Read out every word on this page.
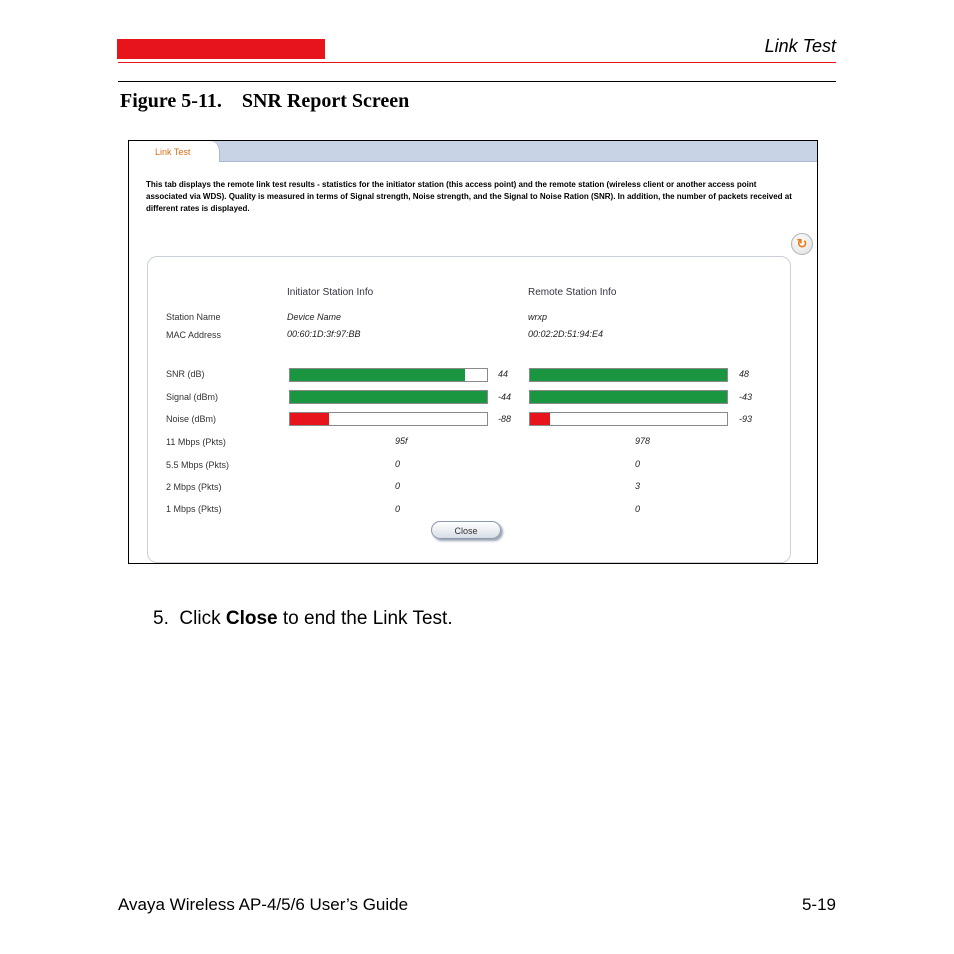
Link Test
Figure 5-11. SNR Report Screen
Link Test
This tab displays the remote link test results - statistics for the initiator station (this access point) and the remote station (wireless client or another access point associated via WDS). Quality is measured in terms of Signal strength, Noise strength, and the Signal to Noise Ration (SNR). In addition, the number of packets received at different rates is displayed.
↻
Initiator Station Info	Remote Station Info
Station Name
MAC Address
SNR (dB)
Signal (dBm)
Noise (dBm)
11 Mbps (Pkts)
5.5 Mbps (Pkts)
2 Mbps (Pkts)
1 Mbps (Pkts)
Device Name
00:60:1D:3f:97:BB
wrxp
00:02:2D:51:94:E4
44
-44
-88
48
-43
-93
95f
0
0
0
978
0
3
0
Close
5. Click Close to end the Link Test.
Avaya Wireless AP-4/5/6 User’s Guide	5-19
